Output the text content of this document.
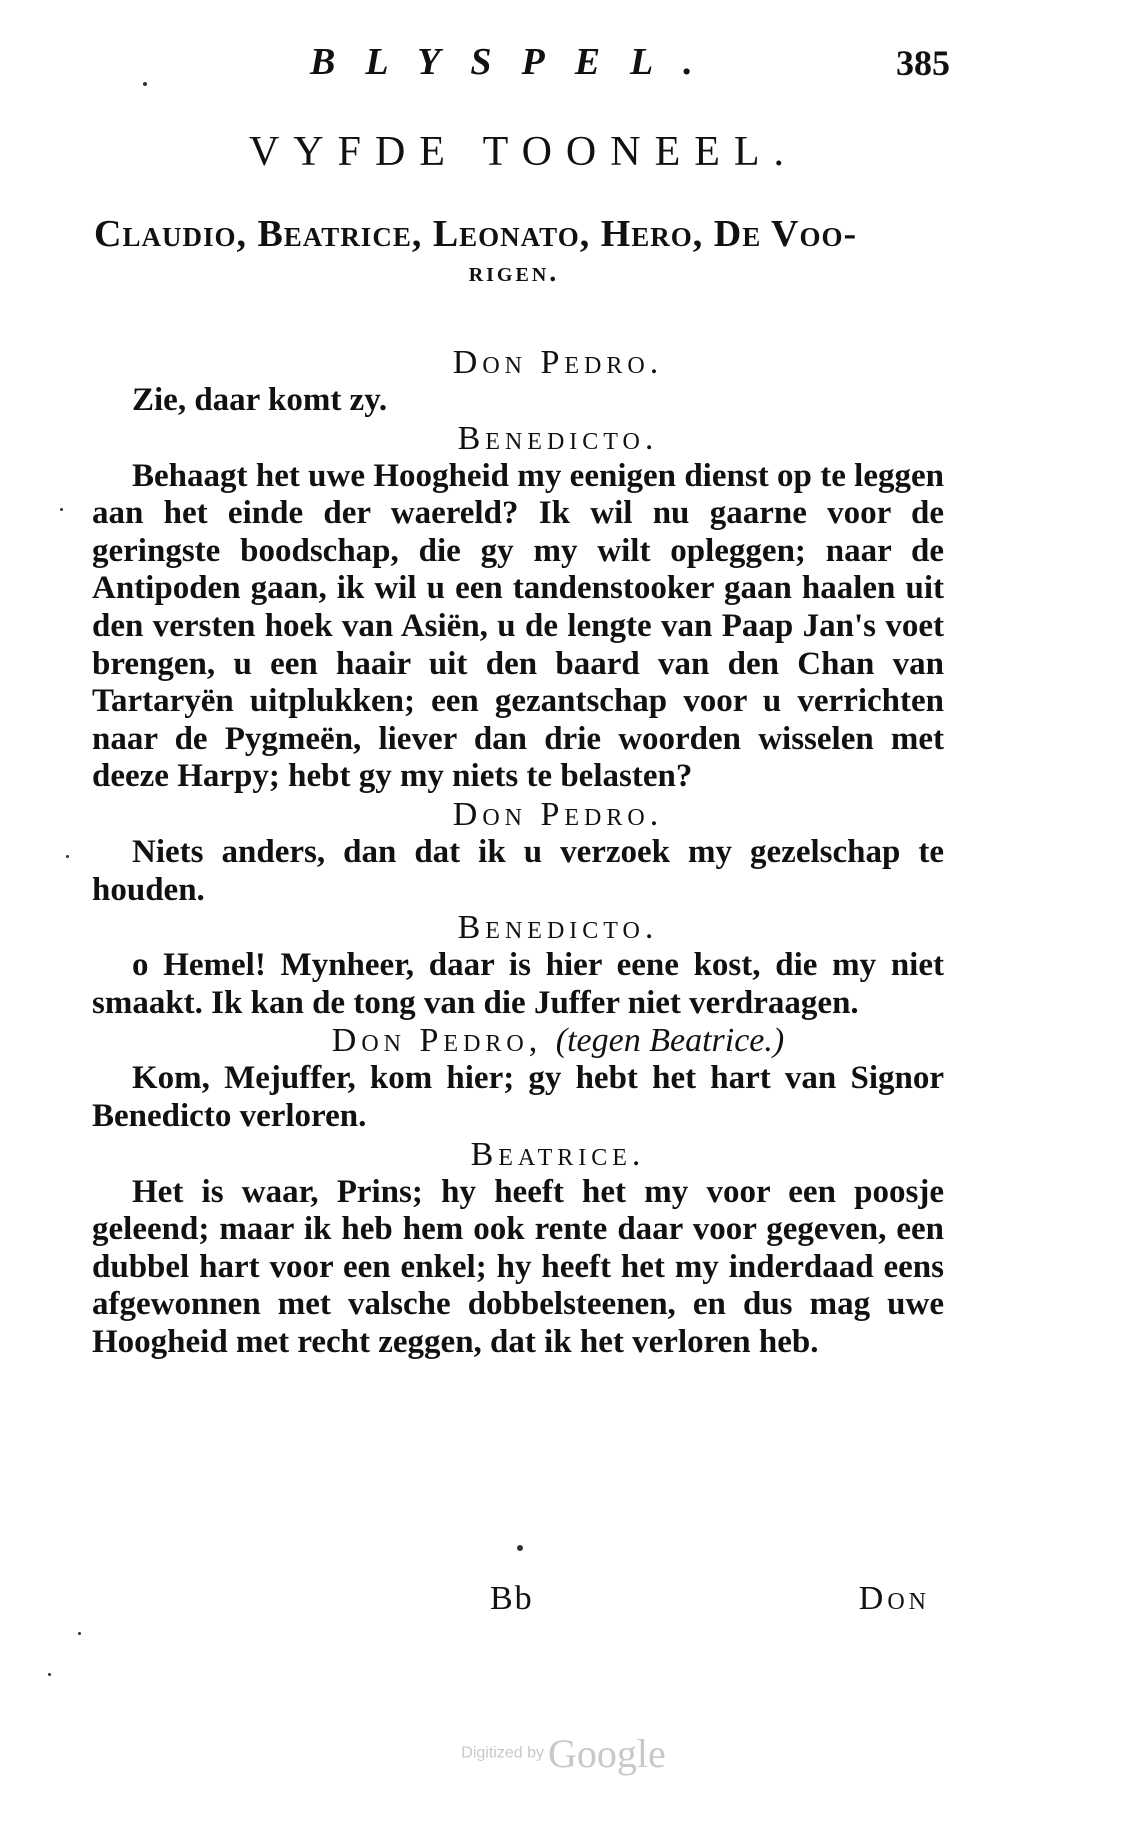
BLYSPEL.	385
VYFDE TOONEEL.
Claudio, Beatrice, Leonato, Hero, De Voo-
rigen.
Don Pedro.

Zie, daar komt zy.

Benedicto.

Behaagt het uwe Hoogheid my eenigen dienst op te leggen aan het einde der waereld? Ik wil nu gaarne voor de geringste boodschap, die gy my wilt opleggen; naar de Antipoden gaan, ik wil u een tandenstooker gaan haalen uit den versten hoek van Asiën, u de lengte van Paap Jan's voet brengen, u een haair uit den baard van den Chan van Tartaryën uitplukken; een gezantschap voor u verrichten naar de Pygmeën, liever dan drie woorden wisselen met deeze Harpy; hebt gy my niets te belasten?

Don Pedro.

Niets anders, dan dat ik u verzoek my gezelschap te houden.

Benedicto.

o Hemel! Mynheer, daar is hier eene kost, die my niet smaakt. Ik kan de tong van die Juffer niet verdraagen.

Don Pedro, (tegen Beatrice.)

Kom, Mejuffer, kom hier; gy hebt het hart van Signor Benedicto verloren.

Beatrice.

Het is waar, Prins; hy heeft het my voor een poosje geleend; maar ik heb hem ook rente daar voor gegeven, een dubbel hart voor een enkel; hy heeft het my inderdaad eens afgewonnen met valsche dobbelsteenen, en dus mag uwe Hoogheid met recht zeggen, dat ik het verloren heb.

Bb	Don
Digitized by Google
